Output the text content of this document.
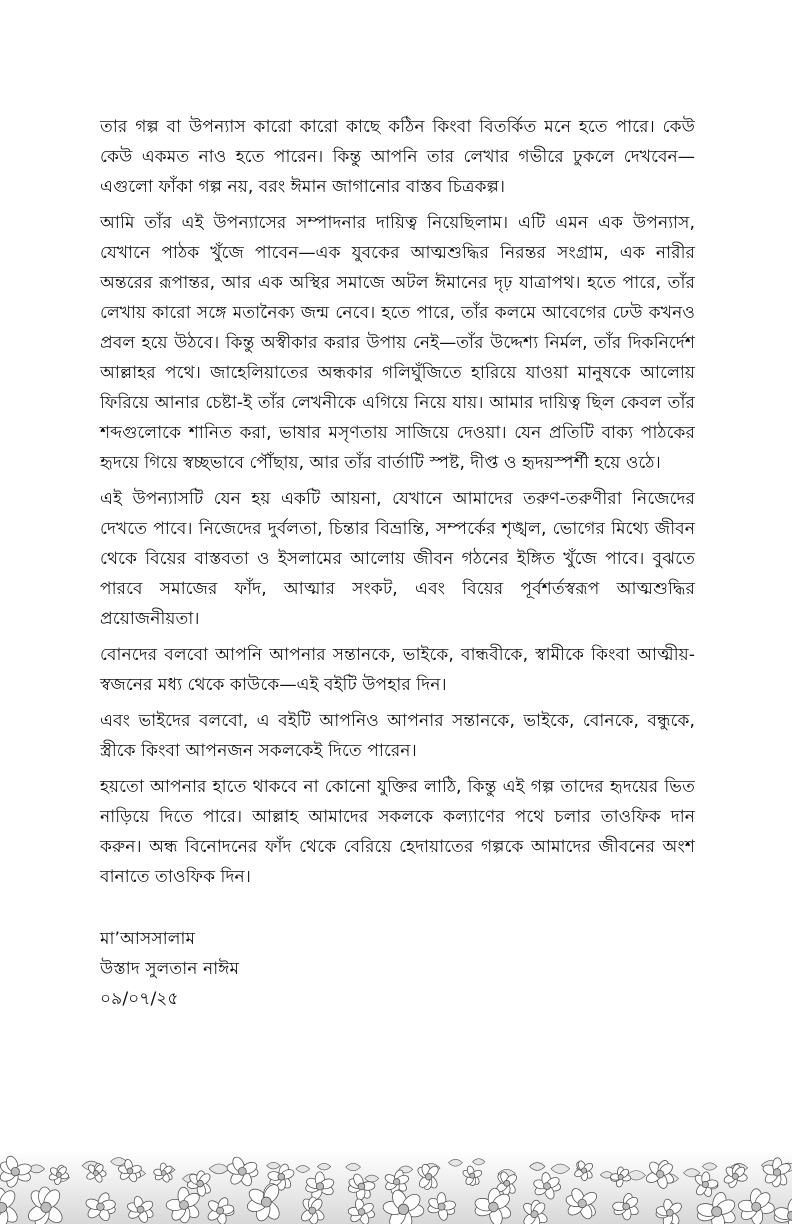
তার গল্প বা উপন্যাস কারো কারো কাছে কঠিন কিংবা বিতর্কিত মনে হতে পারে। কেউ কেউ একমত নাও হতে পারেন। কিন্তু আপনি তার লেখার গভীরে ঢুকলে দেখবেন—এগুলো ফাঁকা গল্প নয়, বরং ঈমান জাগানোর বাস্তব চিত্রকল্প।

আমি তাঁর এই উপন্যাসের সম্পাদনার দায়িত্ব নিয়েছিলাম। এটি এমন এক উপন্যাস, যেখানে পাঠক খুঁজে পাবেন—এক যুবকের আত্মশুদ্ধির নিরন্তর সংগ্রাম, এক নারীর অন্তরের রূপান্তর, আর এক অস্থির সমাজে অটল ঈমানের দৃঢ় যাত্রাপথ। হতে পারে, তাঁর লেখায় কারো সঙ্গে মতানৈক্য জন্ম নেবে। হতে পারে, তাঁর কলমে আবেগের ঢেউ কখনও প্রবল হয়ে উঠবে। কিন্তু অস্বীকার করার উপায় নেই—তাঁর উদ্দেশ্য নির্মল, তাঁর দিকনির্দেশ আল্লাহর পথে। জাহেলিয়াতের অন্ধকার গলিঘুঁজিতে হারিয়ে যাওয়া মানুষকে আলোয় ফিরিয়ে আনার চেষ্টা-ই তাঁর লেখনীকে এগিয়ে নিয়ে যায়। আমার দায়িত্ব ছিল কেবল তাঁর শব্দগুলোকে শানিত করা, ভাষার মসৃণতায় সাজিয়ে দেওয়া। যেন প্রতিটি বাক্য পাঠকের হৃদয়ে গিয়ে স্বচ্ছভাবে পৌঁছায়, আর তাঁর বার্তাটি স্পষ্ট, দীপ্ত ও হৃদয়স্পর্শী হয়ে ওঠে।

এই উপন্যাসটি যেন হয় একটি আয়না, যেখানে আমাদের তরুণ-তরুণীরা নিজেদের দেখতে পাবে। নিজেদের দুর্বলতা, চিন্তার বিভ্রান্তি, সম্পর্কের শৃঙ্খল, ভোগের মিথ্যে জীবন থেকে বিয়ের বাস্তবতা ও ইসলামের আলোয় জীবন গঠনের ইঙ্গিত খুঁজে পাবে। বুঝতে পারবে সমাজের ফাঁদ, আত্মার সংকট, এবং বিয়ের পূর্বশর্তস্বরূপ আত্মশুদ্ধির প্রয়োজনীয়তা।

বোনদের বলবো আপনি আপনার সন্তানকে, ভাইকে, বান্ধবীকে, স্বামীকে কিংবা আত্মীয়-স্বজনের মধ্য থেকে কাউকে—এই বইটি উপহার দিন।

এবং ভাইদের বলবো, এ বইটি আপনিও আপনার সন্তানকে, ভাইকে, বোনকে, বন্ধুকে, স্ত্রীকে কিংবা আপনজন সকলকেই দিতে পারেন।

হয়তো আপনার হাতে থাকবে না কোনো যুক্তির লাঠি, কিন্তু এই গল্প তাদের হৃদয়ের ভিত নাড়িয়ে দিতে পারে। আল্লাহ আমাদের সকলকে কল্যাণের পথে চলার তাওফিক দান করুন। অন্ধ বিনোদনের ফাঁদ থেকে বেরিয়ে হেদায়াতের গল্পকে আমাদের জীবনের অংশ বানাতে তাওফিক দিন।

মা’আসসালাম
উস্তাদ সুলতান নাঈম
০৯/০৭/২৫
